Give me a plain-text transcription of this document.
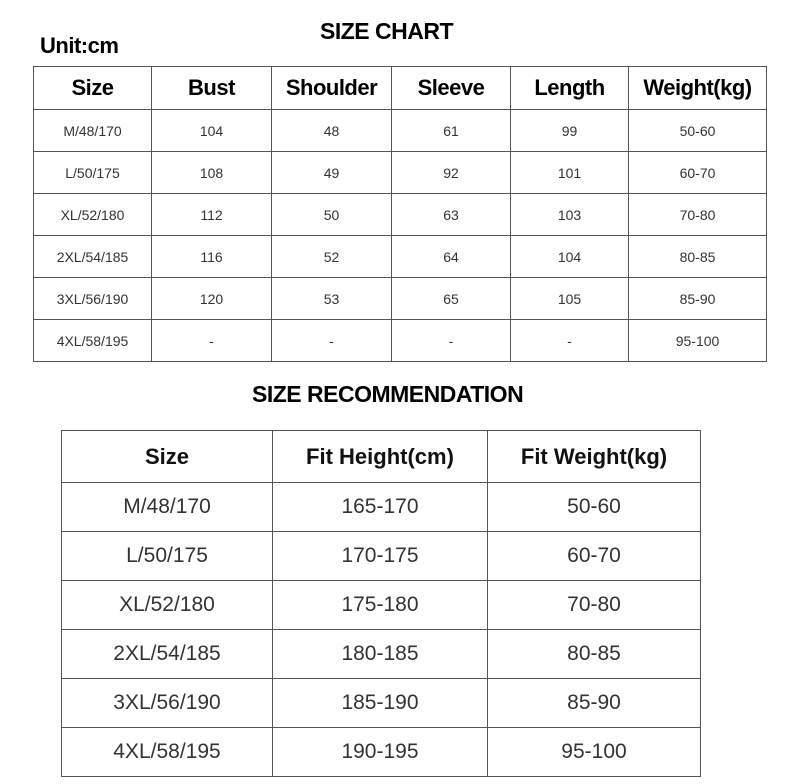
Unit:cm
SIZE CHART
Size	Bust	Shoulder	Sleeve	Length	Weight(kg)
M/48/170	104	48	61	99	50-60
L/50/175	108	49	92	101	60-70
XL/52/180	112	50	63	103	70-80
2XL/54/185	116	52	64	104	80-85
3XL/56/190	120	53	65	105	85-90
4XL/58/195	-	-	-	-	95-100
SIZE RECOMMENDATION
Size	Fit Height(cm)	Fit Weight(kg)
M/48/170	165-170	50-60
L/50/175	170-175	60-70
XL/52/180	175-180	70-80
2XL/54/185	180-185	80-85
3XL/56/190	185-190	85-90
4XL/58/195	190-195	95-100
